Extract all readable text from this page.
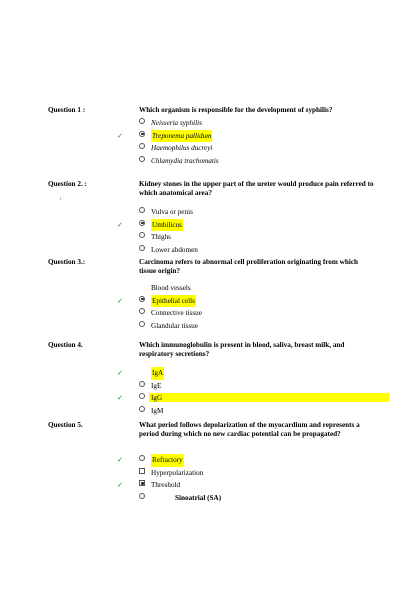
Question 1 :	Which organism is responsible for the development of syphilis?
Neisseria syphilis
✓	Treponema pallidum
Haemophilus ducreyi
Chlamydia trachomatis
Question 2. :	Kidney stones in the upper part of the ureter would produce pain referred to which anatomical area?
:
Vulva or penis
✓	Umbilicus
Thighs
Lower abdomen
Question 3.:	Carcinoma refers to abnormal cell proliferation originating from which tissue origin?
Blood vessels
✓	Epithelial cells
Connective tissue
Glandular tissue
Question 4.	Which immunoglobulin is present in blood, saliva, breast milk, and respiratory secretions?
✓	IgA
IgE
✓	IgG
IgM
Question 5.	What period follows depolarization of the myocardium and represents a period during which no new cardiac potential can be propagated?
✓	Refractory
Hyperpolarization
✓	Threshold
Sinoatrial (SA)
